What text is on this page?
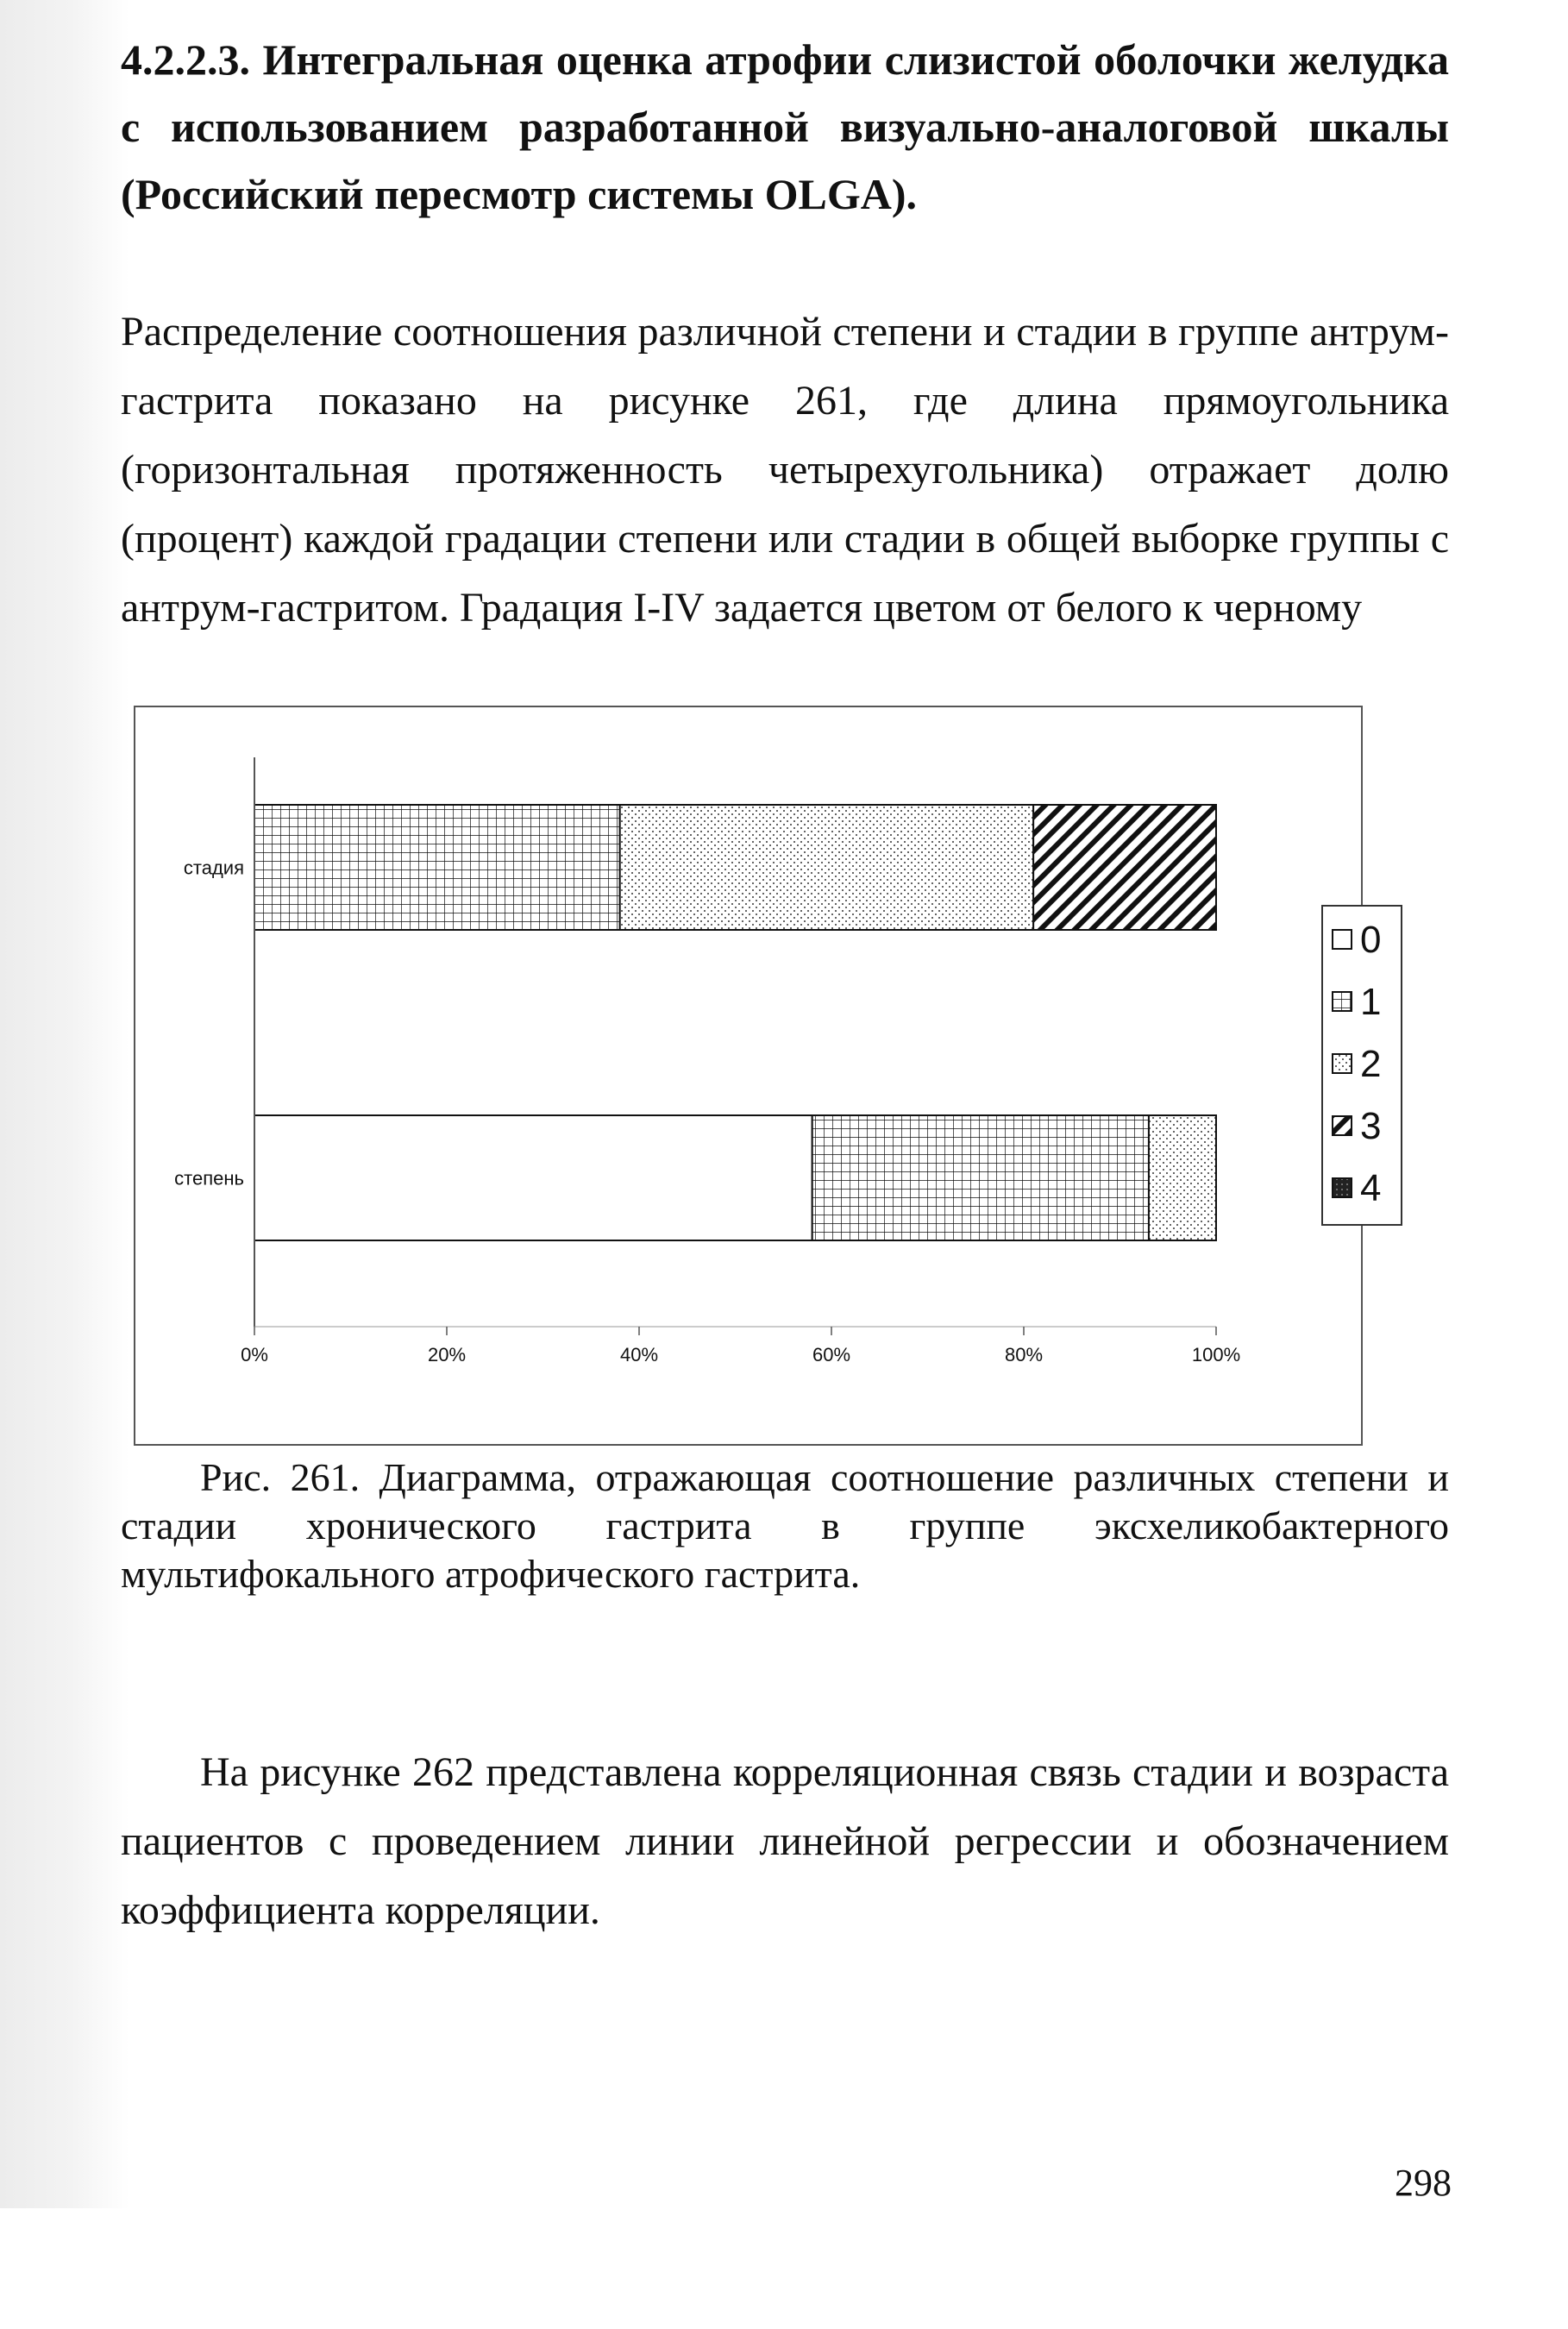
4.2.2.3. Интегральная оценка атрофии слизистой оболочки желудка с использованием разработанной визуально-аналоговой шкалы (Российский пересмотр системы OLGA).
Распределение соотношения различной степени и стадии в группе антрум-гастрита показано на рисунке 261, где длина прямоугольника (горизонтальная протяженность четырехугольника) отражает долю (процент) каждой градации степени или стадии в общей выборке группы с антрум-гастритом. Градация I-IV задается цветом от белого к черному
стадия
степень
0%	20%	40%	60%	80%	100%
0
1
2
3
4
Рис. 261. Диаграмма, отражающая соотношение различных степени и стадии хронического гастрита в группе эксхеликобактерного мультифокального атрофического гастрита.
На рисунке 262 представлена корреляционная связь стадии и возраста пациентов с проведением линии линейной регрессии и обозначением коэффициента корреляции.
298
